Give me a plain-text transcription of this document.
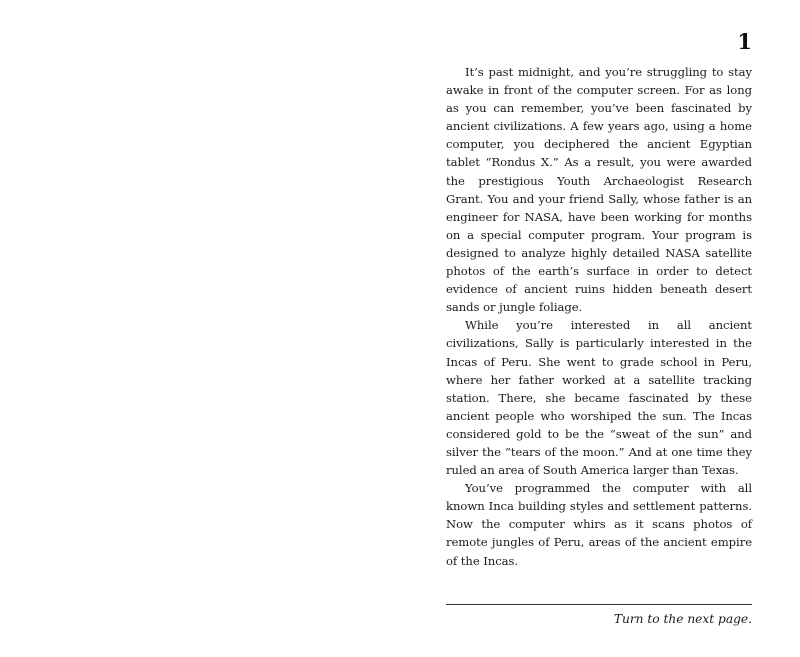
1

It’s past midnight, and you’re struggling to stay awake in front of the computer screen. For as long as you can remember, you’ve been fascinated by ancient civilizations. A few years ago, using a home computer, you deciphered the ancient Egyptian tablet “Rondus X.” As a result, you were awarded the prestigious Youth Archaeologist Research Grant. You and your friend Sally, whose father is an engineer for NASA, have been working for months on a special computer program. Your program is designed to analyze highly detailed NASA satellite photos of the earth’s surface in order to detect evidence of ancient ruins hidden beneath desert sands or jungle foliage.

While you’re interested in all ancient civilizations, Sally is particularly interested in the Incas of Peru. She went to grade school in Peru, where her father worked at a satellite tracking station. There, she became fascinated by these ancient people who worshiped the sun. The Incas considered gold to be the “sweat of the sun” and silver the “tears of the moon.” And at one time they ruled an area of South America larger than Texas.

You’ve programmed the computer with all known Inca building styles and settlement patterns. Now the computer whirs as it scans photos of remote jungles of Peru, areas of the ancient empire of the Incas.

Turn to the next page.
